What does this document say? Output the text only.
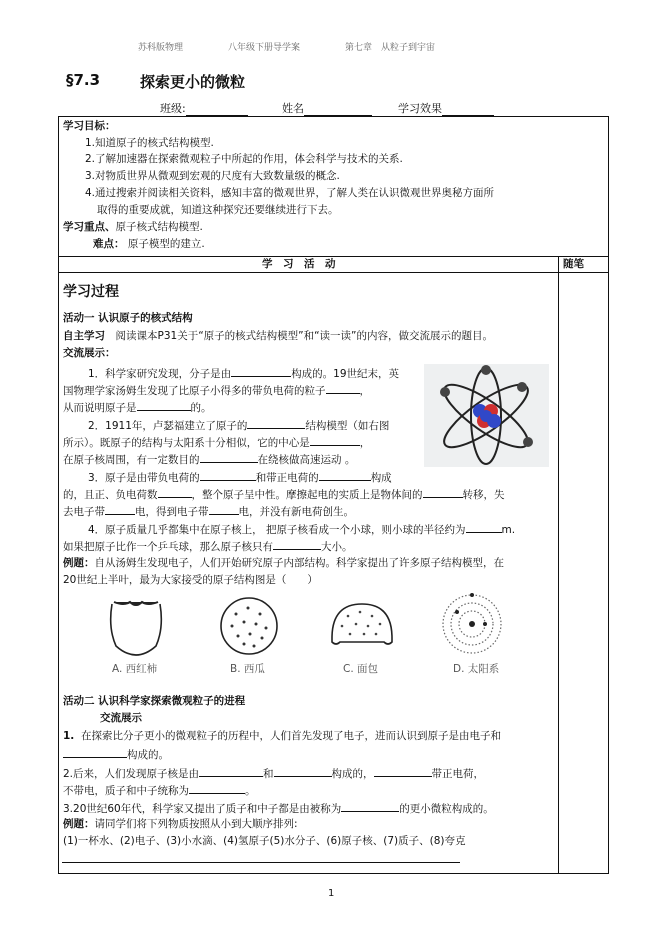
苏科版物理	八年级下册导学案	第七章　从粒子到宇宙
§7.3	探索更小的微粒
班级:	姓名	学习效果
学习目标：
1.知道原子的核式结构模型.
2.了解加速器在探索微观粒子中所起的作用，体会科学与技术的关系.
3.对物质世界从微观到宏观的尺度有大致数量级的概念.
4.通过搜索并阅读相关资料，感知丰富的微观世界，了解人类在认识微观世界奥秘方面所
取得的重要成就，知道这种探究还要继续进行下去。
学习重点、原子核式结构模型.
难点： 原子模型的建立.
学　习　活　动	随笔
学习过程
活动一 认识原子的核式结构
自主学习　 阅读课本P31关于“原子的核式结构模型”和“读一读”的内容，做交流展示的题目。
交流展示：
1．科学家研究发现，分子是由	构成的。19世纪末，英
国物理学家汤姆生发现了比原子小得多的带负电荷的粒子	，
从而说明原子是	的。
2．1911年，卢瑟福建立了原子的	结构模型（如右图
所示）。既原子的结构与太阳系十分相似，它的中心是	，
在原子核周围，有一定数目的	在绕核做高速运动 。
3．原子是由带负电荷的	和带正电荷的	构成
的，且正、负电荷数	，整个原子呈中性。摩擦起电的实质上是物体间的	转移，失
去电子带	电，得到电子带	电，并没有新电荷创生。
4．原子质量几乎都集中在原子核上， 把原子核看成一个小球，则小球的半径约为	m.
如果把原子比作一个乒乓球，那么原子核只有	大小。
例题：自从汤姆生发现电子，人们开始研究原子内部结构。科学家提出了许多原子结构模型，在
20世纪上半叶，最为大家接受的原子结构图是（　　）
A. 西红柿	B. 西瓜	C. 面包	D. 太阳系
活动二 认识科学家探索微观粒子的进程
交流展示
1. 在探索比分子更小的微观粒子的历程中，人们首先发现了电子，进而认识到原子是由电子和
构成的。
2.后来，人们发现原子核是由	和	构成的，	带正电荷，
不带电，质子和中子统称为	。
3.20世纪60年代，科学家又提出了质子和中子都是由被称为	的更小微粒构成的。
例题：请同学们将下列物质按照从小到大顺序排列:
(1)一杯水、(2)电子、(3)小水滴、(4)氢原子(5)水分子、(6)原子核、(7)质子、(8)夸克
1
